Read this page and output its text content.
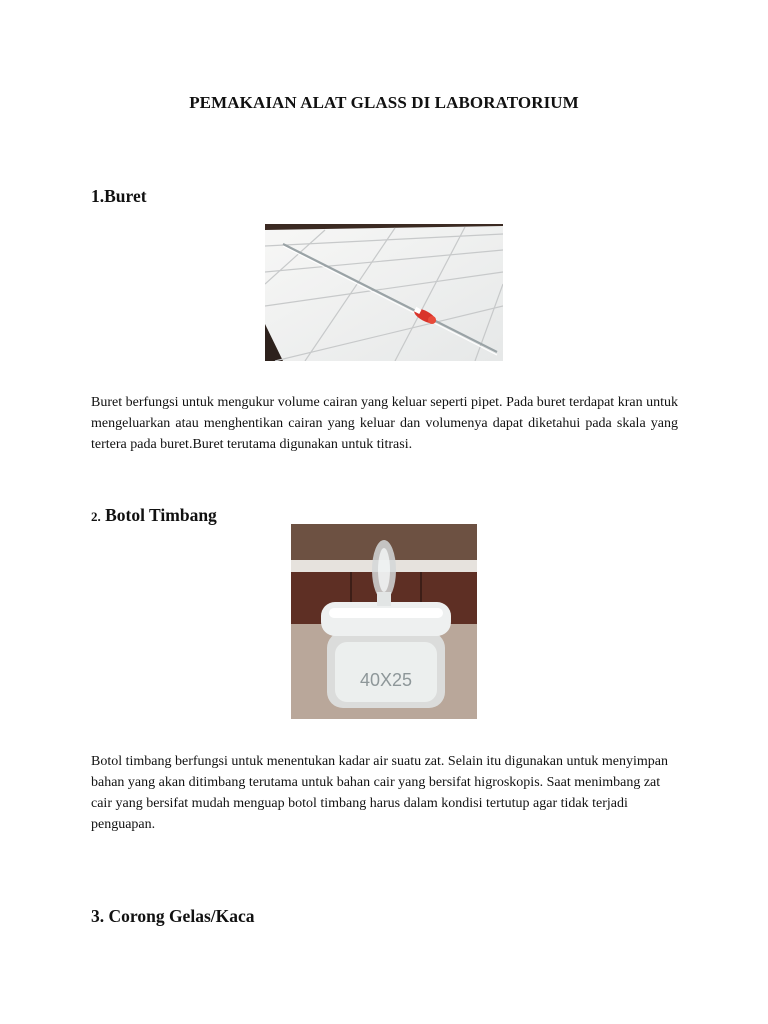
PEMAKAIAN ALAT GLASS DI LABORATORIUM
1.Buret
Buret berfungsi untuk mengukur volume cairan yang keluar seperti pipet. Pada buret terdapat kran untuk mengeluarkan atau menghentikan cairan yang keluar dan volumenya dapat diketahui pada skala yang tertera pada buret.Buret terutama digunakan untuk titrasi.
2. Botol Timbang
40X25
Botol timbang berfungsi untuk menentukan kadar air suatu zat. Selain itu digunakan untuk menyimpan bahan yang akan ditimbang terutama untuk bahan cair yang bersifat higroskopis. Saat menimbang zat cair yang bersifat mudah menguap botol timbang harus dalam kondisi tertutup agar tidak terjadi penguapan.
3. Corong Gelas/Kaca
